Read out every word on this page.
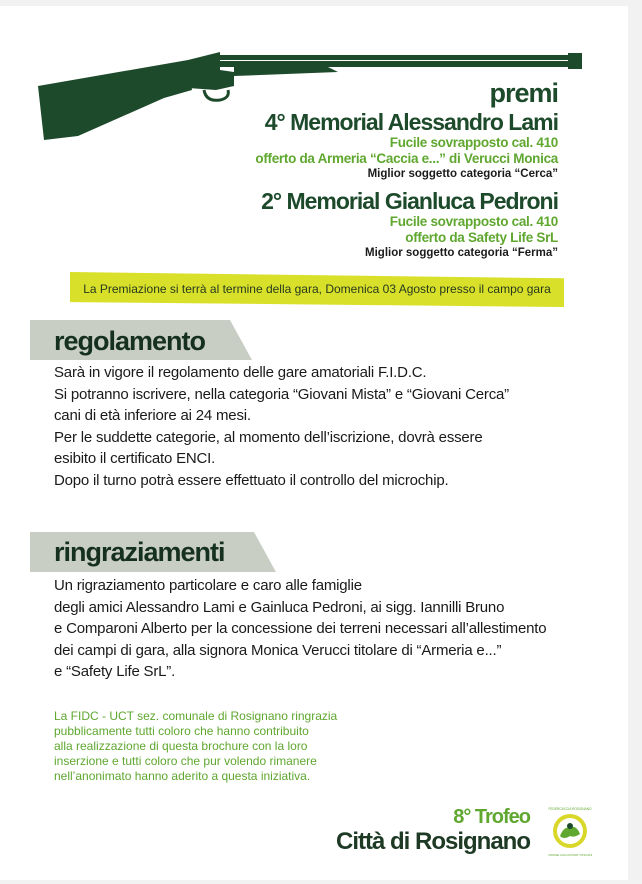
premi
4° Memorial Alessandro Lami
Fucile sovrapposto cal. 410
offerto da Armeria “Caccia e...” di Verucci Monica
Miglior soggetto categoria “Cerca”
2° Memorial Gianluca Pedroni
Fucile sovrapposto cal. 410
offerto da Safety Life SrL
Miglior soggetto categoria “Ferma”
La Premiazione si terrà al termine della gara, Domenica 03 Agosto presso il campo gara
regolamento
Sarà in vigore il regolamento delle gare amatoriali F.I.D.C.
Si potranno iscrivere, nella categoria “Giovani Mista” e “Giovani Cerca”
cani di età inferiore ai 24 mesi.
Per le suddette categorie, al momento dell’iscrizione, dovrà essere
esibito il certificato ENCI.
Dopo il turno potrà essere effettuato il controllo del microchip.
ringraziamenti
Un rigraziamento particolare e caro alle famiglie
degli amici Alessandro Lami e Gainluca Pedroni, ai sigg. Iannilli Bruno
e Comparoni Alberto per la concessione dei terreni necessari all’allestimento
dei campi di gara, alla signora Monica Verucci titolare di “Armeria e...”
e “Safety Life SrL”.
La FIDC - UCT sez. comunale di Rosignano ringrazia
pubblicamente tutti coloro che hanno contribuito
alla realizzazione di questa brochure con la loro
inserzione e tutti coloro che pur volendo rimanere
nell’anonimato hanno aderito a questa iniziativa.
8° Trofeo
Città di Rosignano
FEDERCACCIA ROSIGNANO
UNIONE CACCIATORI TOSCANI
